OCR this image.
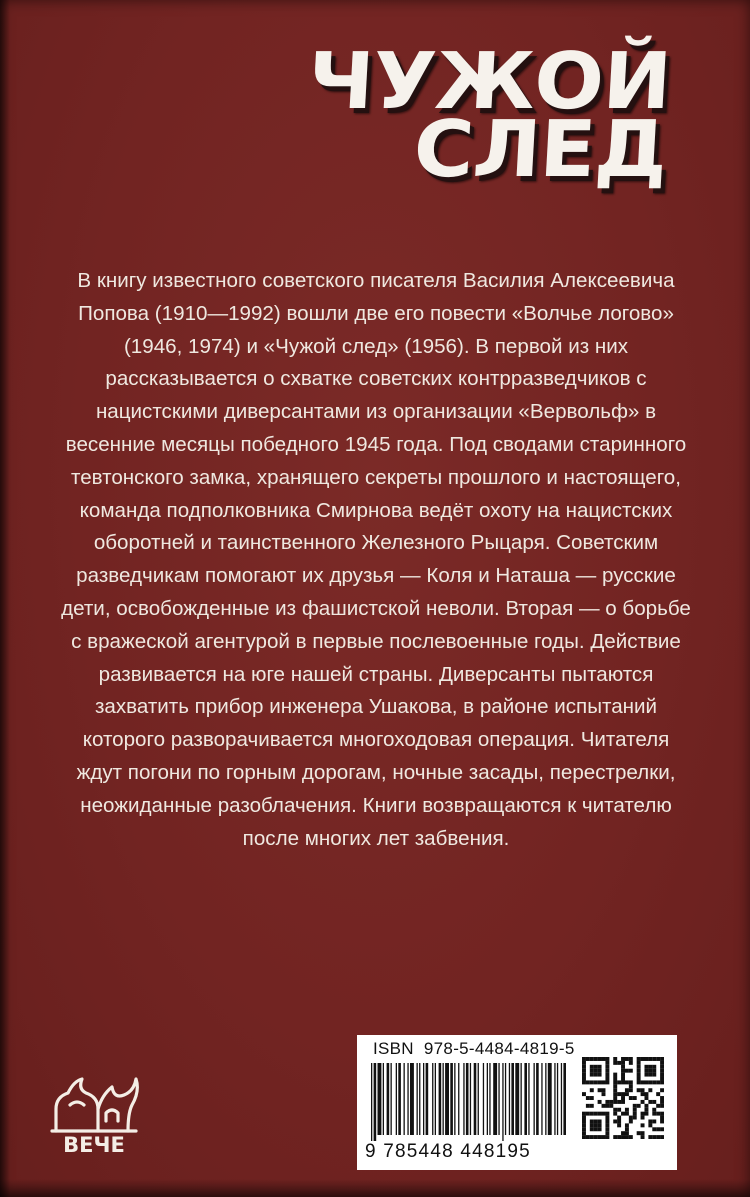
ЧУЖОЙ
СЛЕД

В книгу известного советского писателя Василия Алексеевича Попова (1910—1992) вошли две его повести «Волчье логово» (1946, 1974) и «Чужой след» (1956). В первой из них рассказывается о схватке советских контрразведчиков с нацистскими диверсантами из организации «Вервольф» в весенние месяцы победного 1945 года. Под сводами старинного тевтонского замка, хранящего секреты прошлого и настоящего, команда подполковника Смирнова ведёт охоту на нацистских оборотней и таинственного Железного Рыцаря. Советским разведчикам помогают их друзья — Коля и Наташа — русские дети, освобожденные из фашистской неволи. Вторая — о борьбе с вражеской агентурой в первые послевоенные годы. Действие развивается на юге нашей страны. Диверсанты пытаются захватить прибор инженера Ушакова, в районе испытаний которого разворачивается многоходовая операция. Читателя ждут погони по горным дорогам, ночные засады, перестрелки, неожиданные разоблачения. Книги возвращаются к читателю после многих лет забвения.

ВЕЧЕ
ISBN  978-5-4484-4819-5
9 785448 448195
